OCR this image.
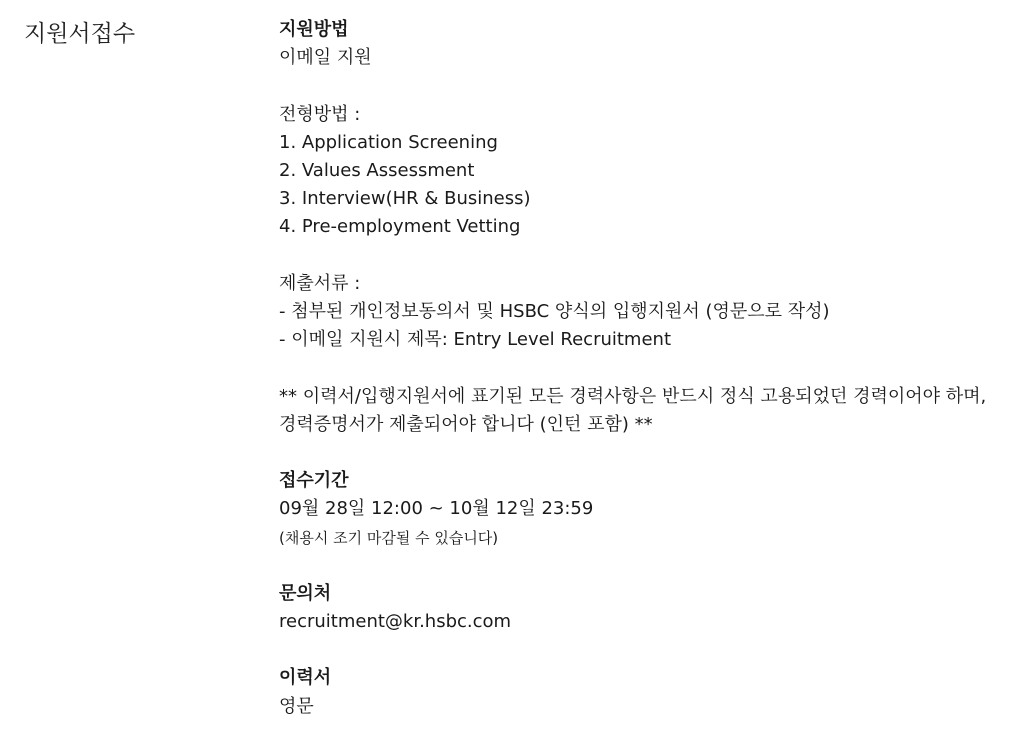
지원서접수	지원방법
이메일 지원
전형방법 :
1. Application Screening
2. Values Assessment
3. Interview(HR & Business)
4. Pre-employment Vetting
제출서류 :
- 첨부된 개인정보동의서 및 HSBC 양식의 입행지원서 (영문으로 작성)
- 이메일 지원시 제목: Entry Level Recruitment
** 이력서/입행지원서에 표기된 모든 경력사항은 반드시 정식 고용되었던 경력이어야 하며,
경력증명서가 제출되어야 합니다 (인턴 포함) **
접수기간
09월 28일 12:00 ~ 10월 12일 23:59
(채용시 조기 마감될 수 있습니다)
문의처
recruitment@kr.hsbc.com
이력서
영문
